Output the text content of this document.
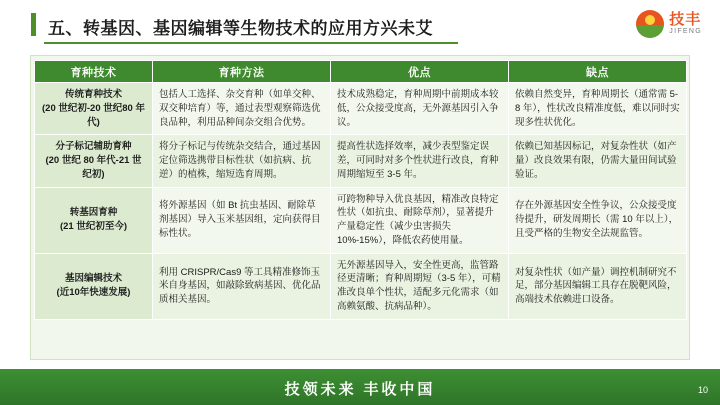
五、转基因、基因编辑等生物技术的应用方兴未艾	技丰
JIFENG
育种技术	育种方法	优点	缺点
传统育种技术
(20 世纪初-20 世纪80 年代)	包括人工选择、杂交育种（如单交种、双交种培育）等，通过表型观察筛选优良品种，利用品种间杂交组合优势。	技术成熟稳定，育种周期中前期成本较低，公众接受度高，无外源基因引入争议。	依赖自然变异，育种周期长（通常需 5-8 年），性状改良精准度低，难以同时实现多性状优化。
分子标记辅助育种
(20 世纪 80 年代-21 世纪初)	将分子标记与传统杂交结合，通过基因定位筛选携带目标性状（如抗病、抗逆）的植株，缩短选育周期。	提高性状选择效率，减少表型鉴定误差，可同时对多个性状进行改良，育种周期缩短至 3-5 年。	依赖已知基因标记，对复杂性状（如产量）改良效果有限，仍需大量田间试验验证。
转基因育种
(21 世纪初至今)	将外源基因（如 Bt 抗虫基因、耐除草剂基因）导入玉米基因组，定向获得目标性状。	可跨物种导入优良基因，精准改良特定性状（如抗虫、耐除草剂），显著提升产量稳定性（减少虫害损失10%-15%），降低农药使用量。	存在外源基因安全性争议，公众接受度待提升，研发周期长（需 10 年以上），且受严格的生物安全法规监管。
基因编辑技术
(近10年快速发展)	利用 CRISPR/Cas9 等工具精准修饰玉米自身基因，如敲除致病基因、优化品质相关基因。	无外源基因导入，安全性更高，监管路径更清晰；育种周期短（3-5 年），可精准改良单个性状，适配多元化需求（如高赖氨酸、抗病品种）。	对复杂性状（如产量）调控机制研究不足，部分基因编辑工具存在脱靶风险，高端技术依赖进口设备。
技领未来 丰收中国	10
